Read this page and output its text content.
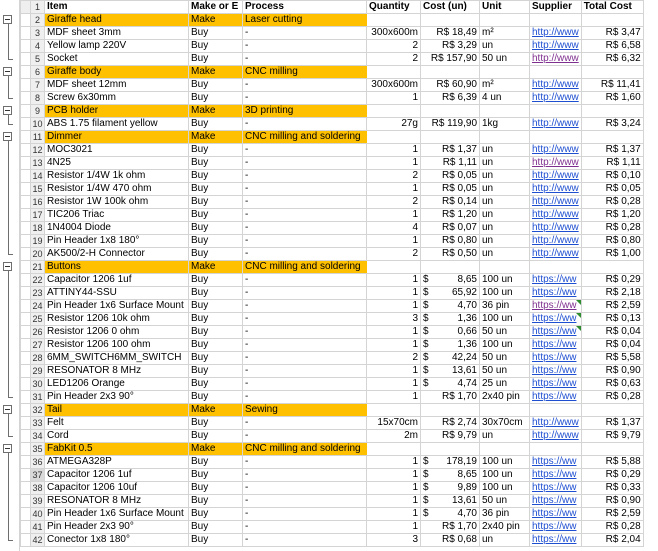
	1	Item	Make or E	Process	Quantity	Cost (un)	Unit	Supplier	Total Cost
	2	Giraffe head	Make	Laser cutting					
	3	MDF sheet 3mm	Buy	-	300x600m	R$ 18,49	m²	http://www	R$ 3,47
	4	Yellow lamp 220V	Buy	-	2	R$ 3,29	un	http://www	R$ 6,58
	5	Socket	Buy	-	2	R$ 157,90	50 un	http://www	R$ 6,32
	6	Giraffe body	Make	CNC milling					
	7	MDF sheet 12mm	Buy	-	300x600m	R$ 60,90	m²	http://www	R$ 11,41
	8	Screw 6x30mm	Buy	-	1	R$ 6,39	4 un	http://www	R$ 1,60
	9	PCB holder	Make	3D printing					
	10	ABS 1.75 filament yellow	Buy	-	27g	R$ 119,90	1kg	http://www	R$ 3,24
	11	Dimmer	Make	CNC milling and soldering					
	12	MOC3021	Buy	-	1	R$ 1,37	un	http://www	R$ 1,37
	13	4N25	Buy	-	1	R$ 1,11	un	http://www	R$ 1,11
	14	Resistor 1/4W 1k ohm	Buy	-	2	R$ 0,05	un	http://www	R$ 0,10
	15	Resistor 1/4W 470 ohm	Buy	-	1	R$ 0,05	un	http://www	R$ 0,05
	16	Resistor 1W 100k ohm	Buy	-	2	R$ 0,14	un	http://www	R$ 0,28
	17	TIC206 Triac	Buy	-	1	R$ 1,20	un	http://www	R$ 1,20
	18	1N4004 Diode	Buy	-	4	R$ 0,07	un	http://www	R$ 0,28
	19	Pin Header 1x8 180°	Buy	-	1	R$ 0,80	un	http://www	R$ 0,80
	20	AK500/2-H Connector	Buy	-	2	R$ 0,50	un	http://www	R$ 1,00
	21	Buttons	Make	CNC milling and soldering					
	22	Capacitor 1206 1uf	Buy	-	1	$ 8,65	100 un	https://ww	R$ 0,29
	23	ATTINY44-SSU	Buy	-	1	$ 65,92	100 un	https://ww	R$ 2,18
	24	Pin Header 1x6 Surface Mount	Buy	-	1	$ 4,70	36 pin	https://ww	R$ 2,59
	25	Resistor 1206 10k ohm	Buy	-	3	$ 1,36	100 un	https://ww	R$ 0,13
	26	Resistor 1206 0 ohm	Buy	-	1	$ 0,66	50 un	https://ww	R$ 0,04
	27	Resistor 1206 100 ohm	Buy	-	1	$ 1,36	100 un	https://ww	R$ 0,04
	28	6MM_SWITCH6MM_SWITCH	Buy	-	2	$ 42,24	50 un	https://ww	R$ 5,58
	29	RESONATOR 8 MHz	Buy	-	1	$ 13,61	50 un	https://ww	R$ 0,90
	30	LED1206 Orange	Buy	-	1	$ 4,74	25 un	https://ww	R$ 0,63
	31	Pin Header 2x3 90°	Buy	-	1	R$ 1,70	2x40 pin	https://ww	R$ 0,28
	32	Tail	Make	Sewing					
	33	Felt	Buy	-	15x70cm	R$ 2,74	30x70cm	http://www	R$ 1,37
	34	Cord	Buy	-	2m	R$ 9,79	un	http://www	R$ 9,79
	35	FabKit 0.5	Make	CNC milling and soldering					
	36	ATMEGA328P	Buy	-	1	$ 178,19	100 un	https://ww	R$ 5,88
	37	Capacitor 1206 1uf	Buy	-	1	$ 8,65	100 un	https://ww	R$ 0,29
	38	Capacitor 1206 10uf	Buy	-	1	$ 9,89	100 un	https://ww	R$ 0,33
	39	RESONATOR 8 MHz	Buy	-	1	$ 13,61	50 un	https://ww	R$ 0,90
	40	Pin Header 1x6 Surface Mount	Buy	-	1	$ 4,70	36 pin	https://ww	R$ 2,59
	41	Pin Header 2x3 90°	Buy	-	1	R$ 1,70	2x40 pin	https://ww	R$ 0,28
	42	Conector 1x8 180°	Buy	-	3	R$ 0,68	un	https://ww	R$ 2,04
